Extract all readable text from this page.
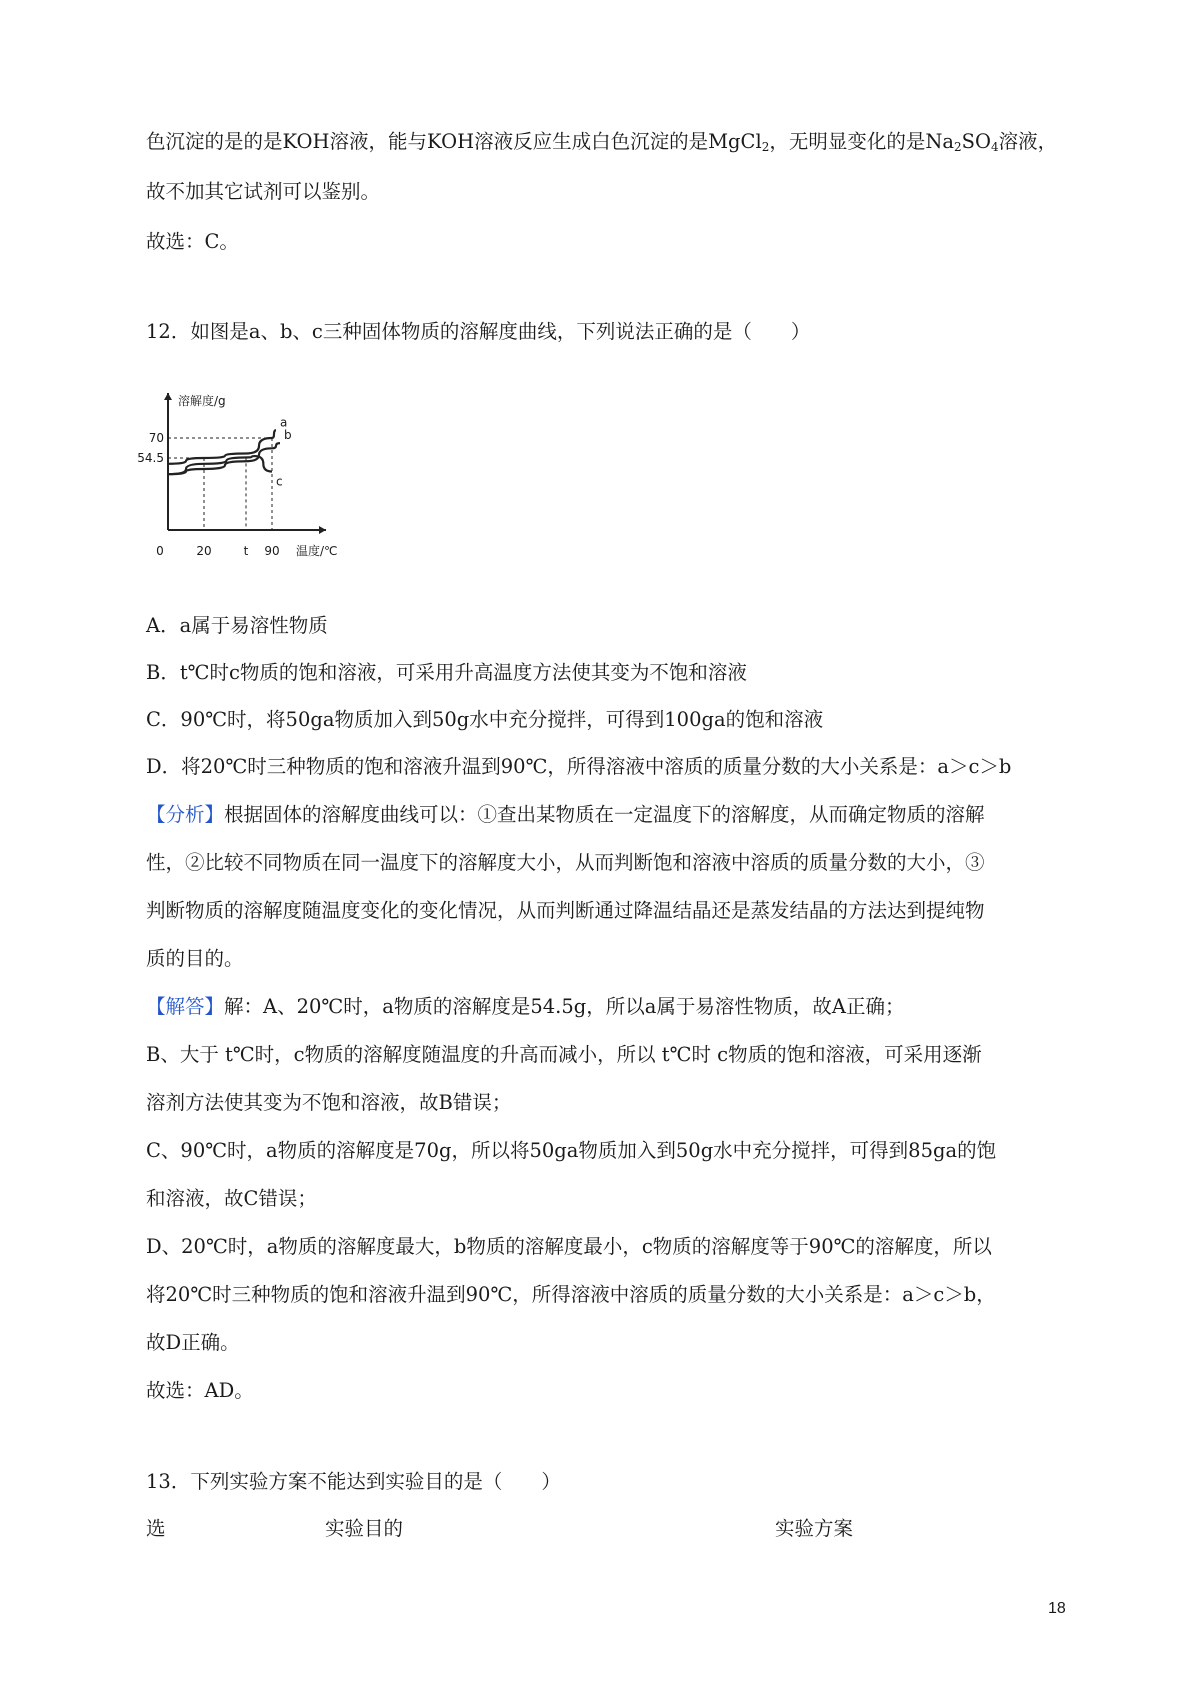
色沉淀的是的是KOH溶液，能与KOH溶液反应生成白色沉淀的是MgCl$_2$，无明显变化的是$Na_2SO_4$溶液，
故不加其它试剂可以鉴别。
故选：C。
12．如图是a、b、c三种固体物质的溶解度曲线，下列说法正确的是（　　）
溶解度/g
温度/℃
54.5
70
0	20	t 90
a
b
c
A．a属于易溶性物质
B．t℃时c物质的饱和溶液，可采用升高温度方法使其变为不饱和溶液
C．90℃时，将50ga物质加入到50g水中充分搅拌，可得到100ga的饱和溶液
D．将20℃时三种物质的饱和溶液升温到90℃，所得溶液中溶质的质量分数的大小关系是：a＞c＞b
【分析】根据固体的溶解度曲线可以：①查出某物质在一定温度下的溶解度，从而确定物质的溶解
性，②比较不同物质在同一温度下的溶解度大小，从而判断饱和溶液中溶质的质量分数的大小，③
判断物质的溶解度随温度变化的变化情况，从而判断通过降温结晶还是蒸发结晶的方法达到提纯物
质的目的。
【解答】解：A、20℃时，a物质的溶解度是54.5g，所以a属于易溶性物质，故A正确；
B、大于 t℃时，c物质的溶解度随温度的升高而减小，所以 t℃时 c物质的饱和溶液，可采用逐渐
溶剂方法使其变为不饱和溶液，故B错误；
C、90℃时，a物质的溶解度是70g，所以将50ga物质加入到50g水中充分搅拌，可得到85ga的饱
和溶液，故C错误；
D、20℃时，a物质的溶解度最大，b物质的溶解度最小，c物质的溶解度等于90℃的溶解度，所以
将20℃时三种物质的饱和溶液升温到90℃，所得溶液中溶质的质量分数的大小关系是：a＞c＞b，
故D正确。
故选：AD。
13．下列实验方案不能达到实验目的是（　　）
选	实验目的	实验方案
18
